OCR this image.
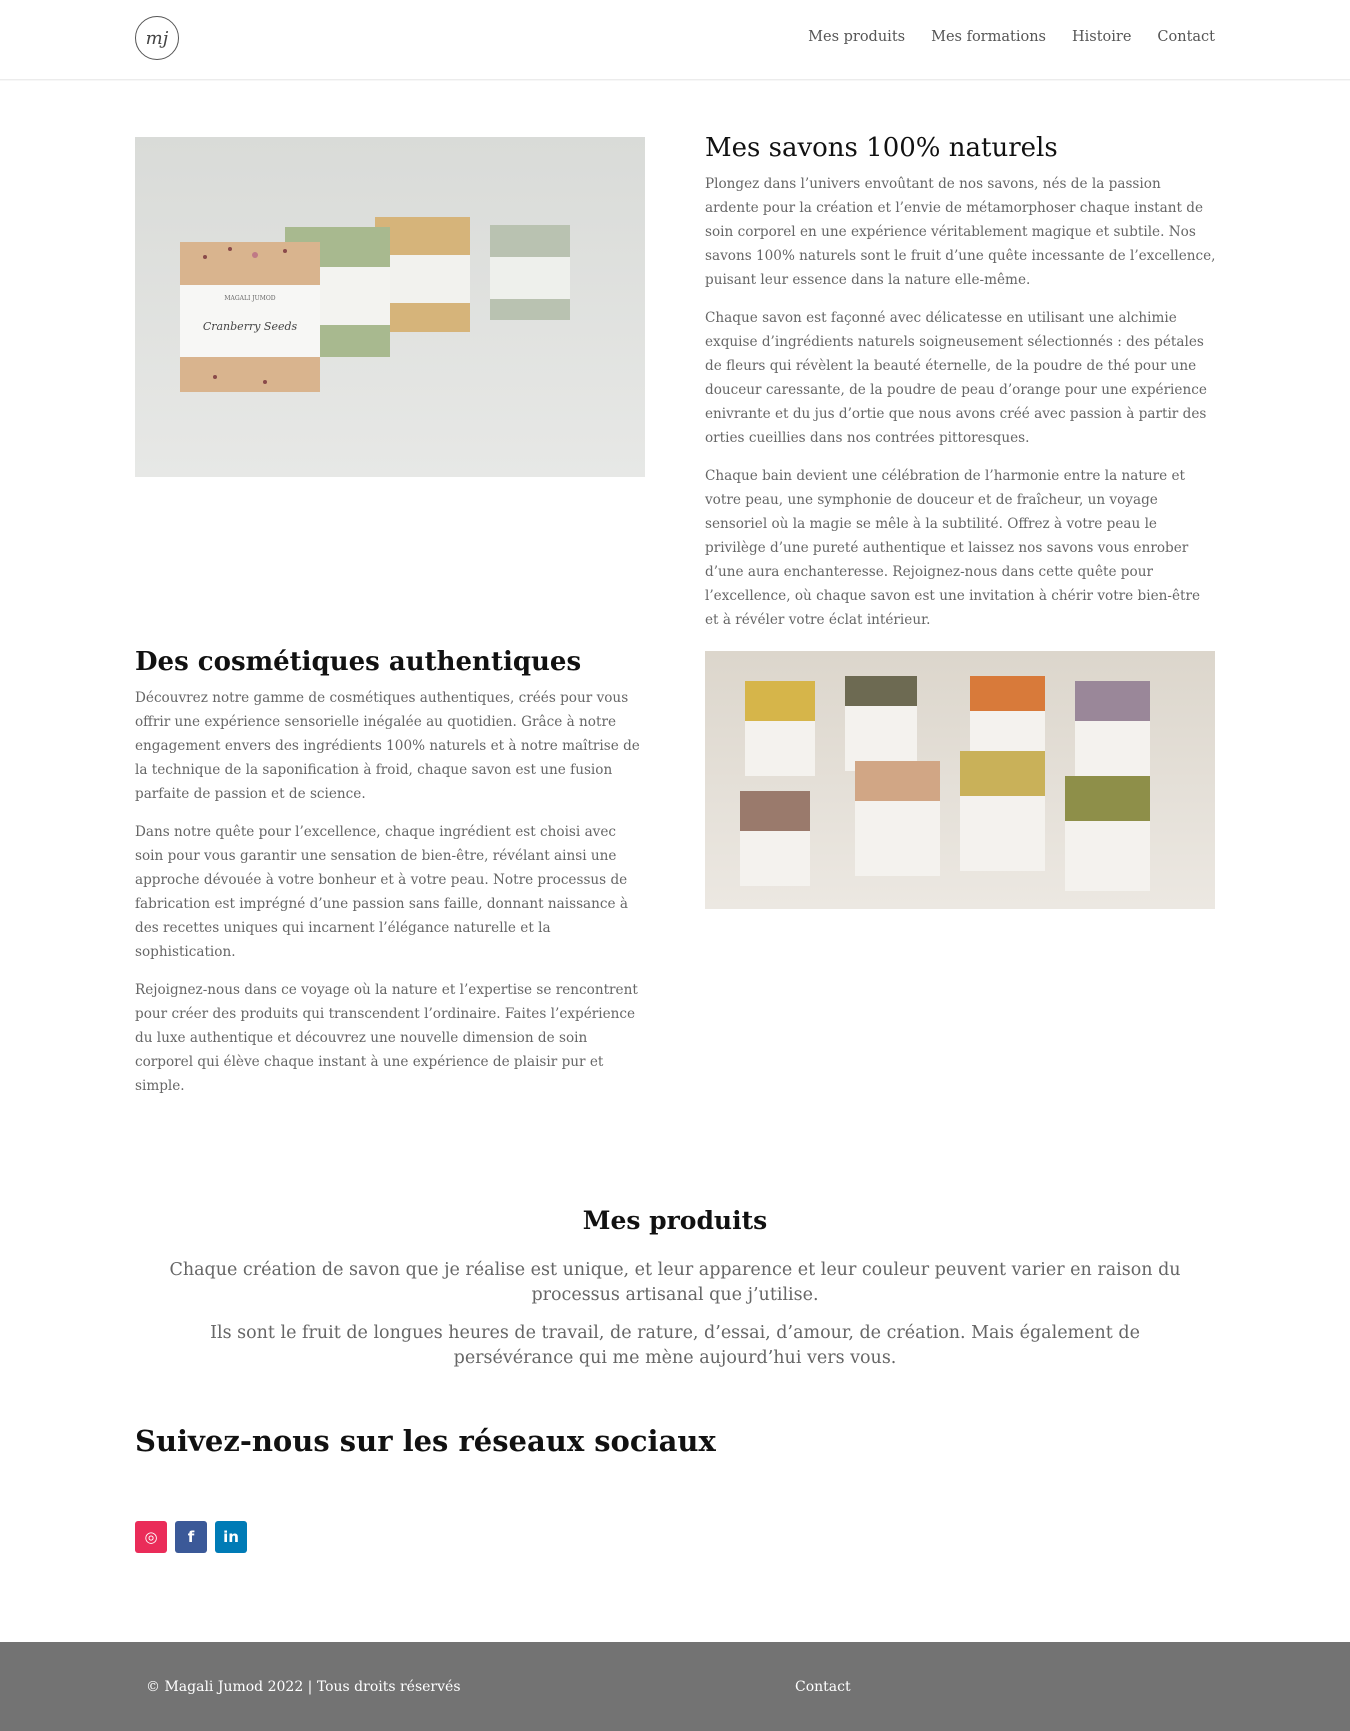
mj	Mes produits Mes formations Histoire Contact
MAGALI JUMOD
Cranberry Seeds
Mes savons 100% naturels

Plongez dans l’univers envoûtant de nos savons, nés de la passion ardente pour la création et l’envie de métamorphoser chaque instant de soin corporel en une expérience véritablement magique et subtile. Nos savons 100% naturels sont le fruit d’une quête incessante de l’excellence, puisant leur essence dans la nature elle-même.

Chaque savon est façonné avec délicatesse en utilisant une alchimie exquise d’ingrédients naturels soigneusement sélectionnés : des pétales de fleurs qui révèlent la beauté éternelle, de la poudre de thé pour une douceur caressante, de la poudre de peau d’orange pour une expérience enivrante et du jus d’ortie que nous avons créé avec passion à partir des orties cueillies dans nos contrées pittoresques.

Chaque bain devient une célébration de l’harmonie entre la nature et votre peau, une symphonie de douceur et de fraîcheur, un voyage sensoriel où la magie se mêle à la subtilité. Offrez à votre peau le privilège d’une pureté authentique et laissez nos savons vous enrober d’une aura enchanteresse. Rejoignez-nous dans cette quête pour l’excellence, où chaque savon est une invitation à chérir votre bien-être et à révéler votre éclat intérieur.

Des cosmétiques authentiques

Découvrez notre gamme de cosmétiques authentiques, créés pour vous offrir une expérience sensorielle inégalée au quotidien. Grâce à notre engagement envers des ingrédients 100% naturels et à notre maîtrise de la technique de la saponification à froid, chaque savon est une fusion parfaite de passion et de science.

Dans notre quête pour l’excellence, chaque ingrédient est choisi avec soin pour vous garantir une sensation de bien-être, révélant ainsi une approche dévouée à votre bonheur et à votre peau. Notre processus de fabrication est imprégné d’une passion sans faille, donnant naissance à des recettes uniques qui incarnent l’élégance naturelle et la sophistication.

Rejoignez-nous dans ce voyage où la nature et l’expertise se rencontrent pour créer des produits qui transcendent l’ordinaire. Faites l’expérience du luxe authentique et découvrez une nouvelle dimension de soin corporel qui élève chaque instant à une expérience de plaisir pur et simple.

Mes produits

Chaque création de savon que je réalise est unique, et leur apparence et leur couleur peuvent varier en raison du processus artisanal que j’utilise.

Ils sont le fruit de longues heures de travail, de rature, d’essai, d’amour, de création. Mais également de persévérance qui me mène aujourd’hui vers vous.

Suivez-nous sur les réseaux sociaux
◎	f	in
© Magali Jumod 2022 | Tous droits réservés	Contact
